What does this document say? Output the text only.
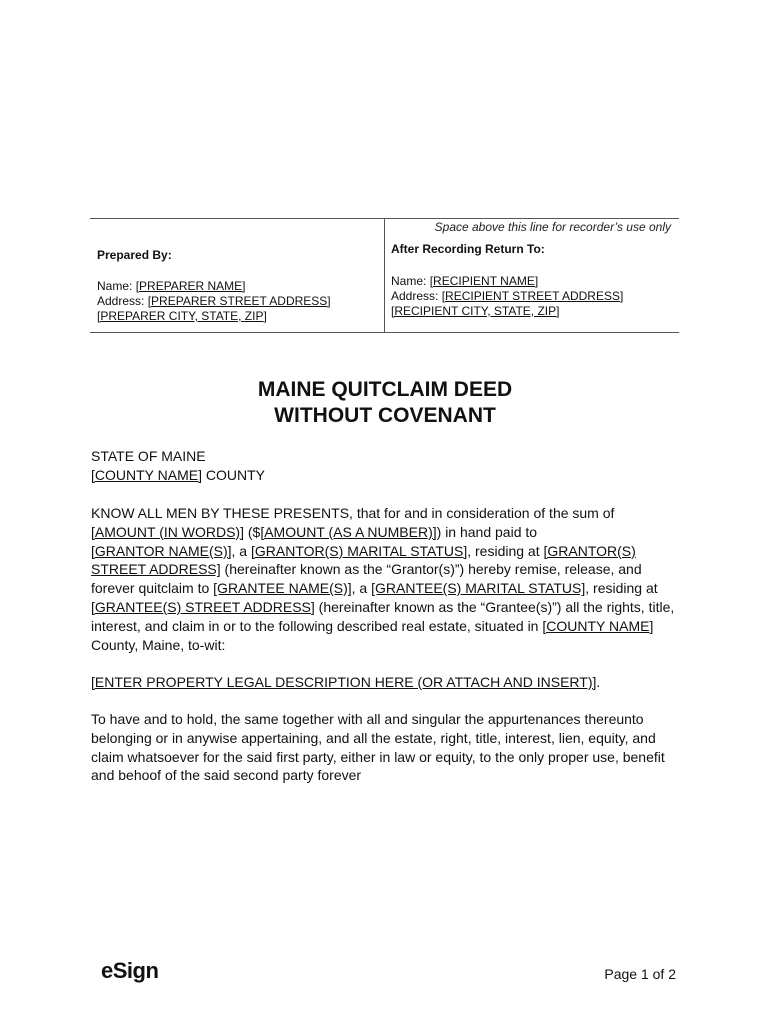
Space above this line for recorder’s use only
Prepared By:
Name: [PREPARER NAME]
Address: [PREPARER STREET ADDRESS]
[PREPARER CITY, STATE, ZIP]
After Recording Return To:
Name: [RECIPIENT NAME]
Address: [RECIPIENT STREET ADDRESS]
[RECIPIENT CITY, STATE, ZIP]
MAINE QUITCLAIM DEED
WITHOUT COVENANT
STATE OF MAINE
[COUNTY NAME] COUNTY
KNOW ALL MEN BY THESE PRESENTS, that for and in consideration of the sum of
[AMOUNT (IN WORDS)] ($[AMOUNT (AS A NUMBER)]) in hand paid to
[GRANTOR NAME(S)], a [GRANTOR(S) MARITAL STATUS], residing at [GRANTOR(S)
STREET ADDRESS] (hereinafter known as the “Grantor(s)”) hereby remise, release, and
forever quitclaim to [GRANTEE NAME(S)], a [GRANTEE(S) MARITAL STATUS], residing at
[GRANTEE(S) STREET ADDRESS] (hereinafter known as the “Grantee(s)”) all the rights, title,
interest, and claim in or to the following described real estate, situated in [COUNTY NAME]
County, Maine, to-wit:
[ENTER PROPERTY LEGAL DESCRIPTION HERE (OR ATTACH AND INSERT)].
To have and to hold, the same together with all and singular the appurtenances thereunto
belonging or in anywise appertaining, and all the estate, right, title, interest, lien, equity, and
claim whatsoever for the said first party, either in law or equity, to the only proper use, benefit
and behoof of the said second party forever
eSign	Page 1 of 2
